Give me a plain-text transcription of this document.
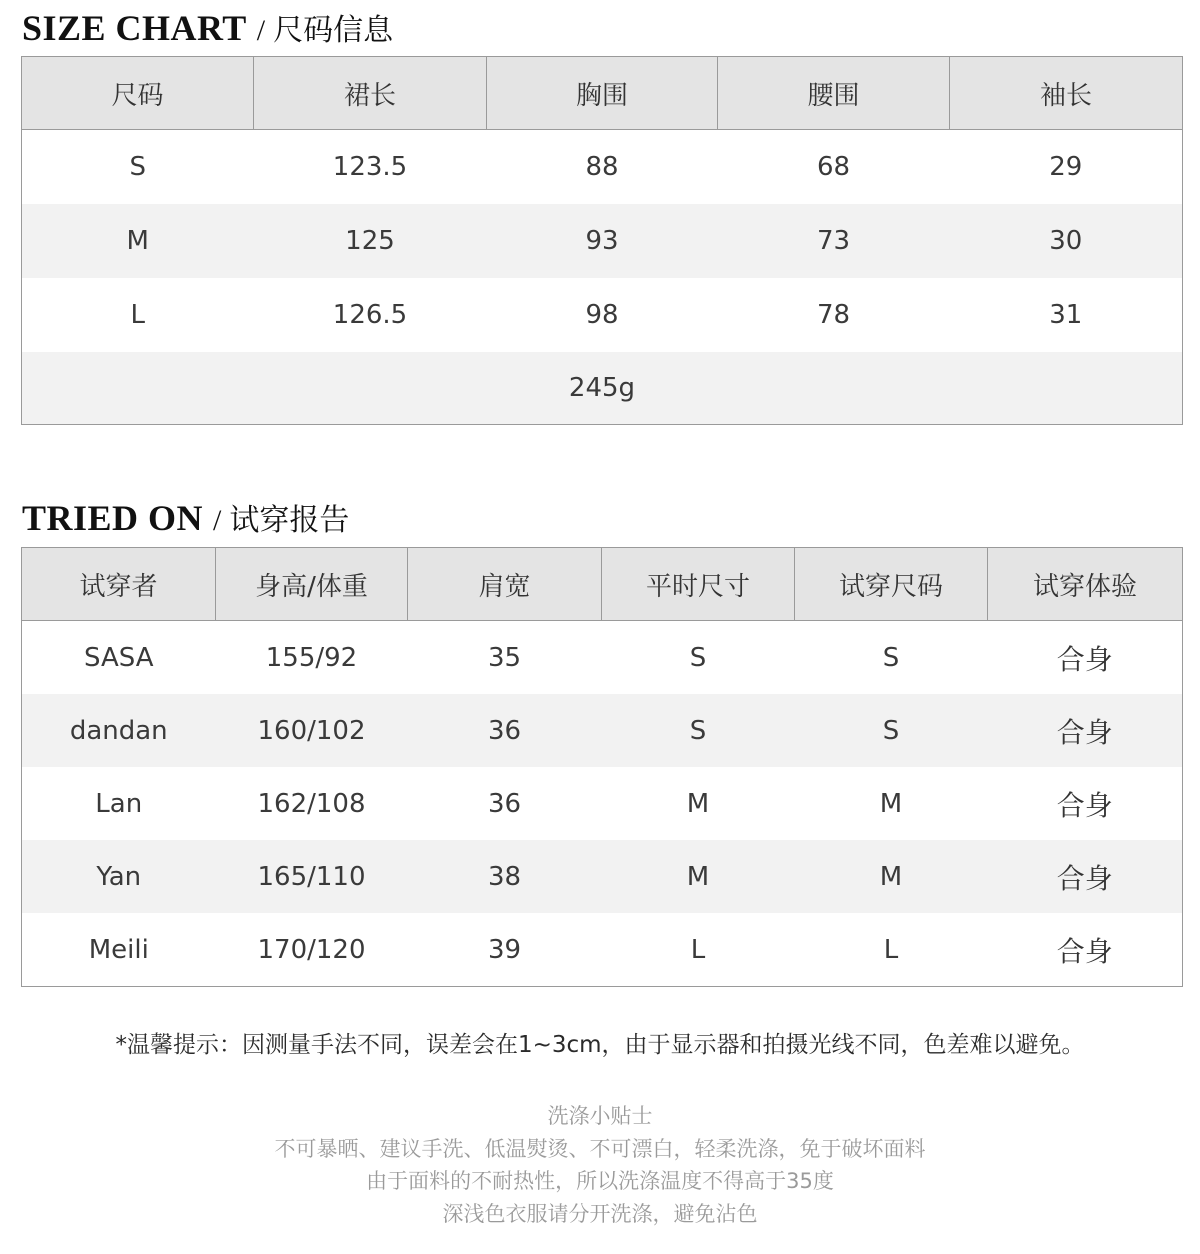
SIZE CHART / 尺码信息
尺码	裙长	胸围	腰围	袖长
S	123.5	88	68	29
M	125	93	73	30
L	126.5	98	78	31
245g				
TRIED ON / 试穿报告
试穿者	身高/体重	肩宽	平时尺寸	试穿尺码	试穿体验
SASA	155/92	35	S	S	合身
dandan	160/102	36	S	S	合身
Lan	162/108	36	M	M	合身
Yan	165/110	38	M	M	合身
Meili	170/120	39	L	L	合身

*温馨提示：因测量手法不同，误差会在1~3cm，由于显示器和拍摄光线不同，色差难以避免。

洗涤小贴士

不可暴晒、建议手洗、低温熨烫、不可漂白，轻柔洗涤，免于破坏面料

由于面料的不耐热性，所以洗涤温度不得高于35度

深浅色衣服请分开洗涤，避免沾色
